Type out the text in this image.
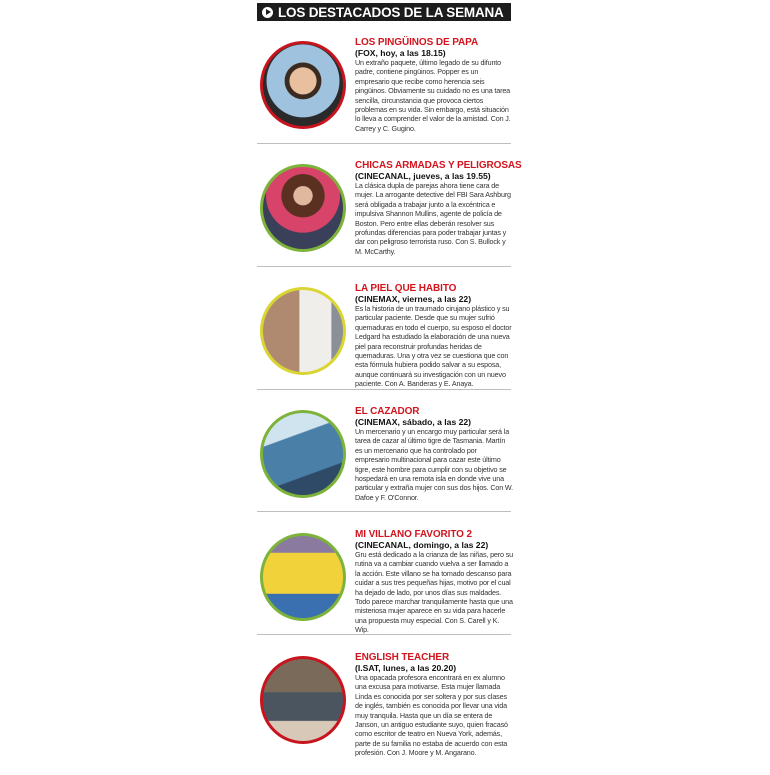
LOS DESTACADOS DE LA SEMANA
LOS PINGÜINOS DE PAPA
(FOX, hoy, a las 18.15)
Un extraño paquete, último legado de su difunto padre, contiene pingüinos. Popper es un empresario que recibe como herencia seis pingüinos. Obviamente su cuidado no es una tarea sencilla, circunstancia que provoca ciertos problemas en su vida. Sin embargo, está situación lo lleva a comprender el valor de la amistad. Con J. Carrey y C. Gugino.
CHICAS ARMADAS Y PELIGROSAS
(CINECANAL, jueves, a las 19.55)
La clásica dupla de parejas ahora tiene cara de mujer. La arrogante detective del FBI Sara Ashburg será obligada a trabajar junto a la excéntrica e impulsiva Shannon Mullins, agente de policía de Boston. Pero entre ellas deberán resolver sus profundas diferencias para poder trabajar juntas y dar con peligroso terrorista ruso. Con S. Bullock y M. McCarthy.
LA PIEL QUE HABITO
(CINEMAX, viernes, a las 22)
Es la historia de un traumado cirujano plástico y su particular paciente. Desde que su mujer sufrió quemaduras en todo el cuerpo, su esposo el doctor Ledgard ha estudiado la elaboración de una nueva piel para reconstruir profundas heridas de quemaduras. Una y otra vez se cuestiona que con esta fórmula hubiera podido salvar a su esposa, aunque continuará su investigación con un nuevo paciente. Con A. Banderas y E. Anaya.
EL CAZADOR
(CINEMAX, sábado, a las 22)
Un mercenario y un encargo muy particular será la tarea de cazar al último tigre de Tasmania. Martín es un mercenario que ha controlado por empresario multinacional para cazar este último tigre, este hombre para cumplir con su objetivo se hospedará en una remota isla en donde vive una particular y extraña mujer con sus dos hijos. Con W. Dafoe y F. O'Connor.
MI VILLANO FAVORITO 2
(CINECANAL, domingo, a las 22)
Gru está dedicado a la crianza de las niñas, pero su rutina va a cambiar cuando vuelva a ser llamado a la acción. Este villano se ha tomado descanso para cuidar a sus tres pequeñas hijas, motivo por el cual ha dejado de lado, por unos días sus maldades. Todo parece marchar tranquilamente hasta que una misteriosa mujer aparece en su vida para hacerle una propuesta muy especial. Con S. Carell y K. Wip.
ENGLISH TEACHER
(I.SAT, lunes, a las 20.20)
Una opacada profesora encontrará en ex alumno una excusa para motivarse. Esta mujer llamada Linda es conocida por ser soltera y por sus clases de inglés, también es conocida por llevar una vida muy tranquila. Hasta que un día se entera de Janson, un antiguo estudiante suyo, quien fracasó como escritor de teatro en Nueva York, además, parte de su familia no estaba de acuerdo con esta profesión. Con J. Moore y M. Angarano.
